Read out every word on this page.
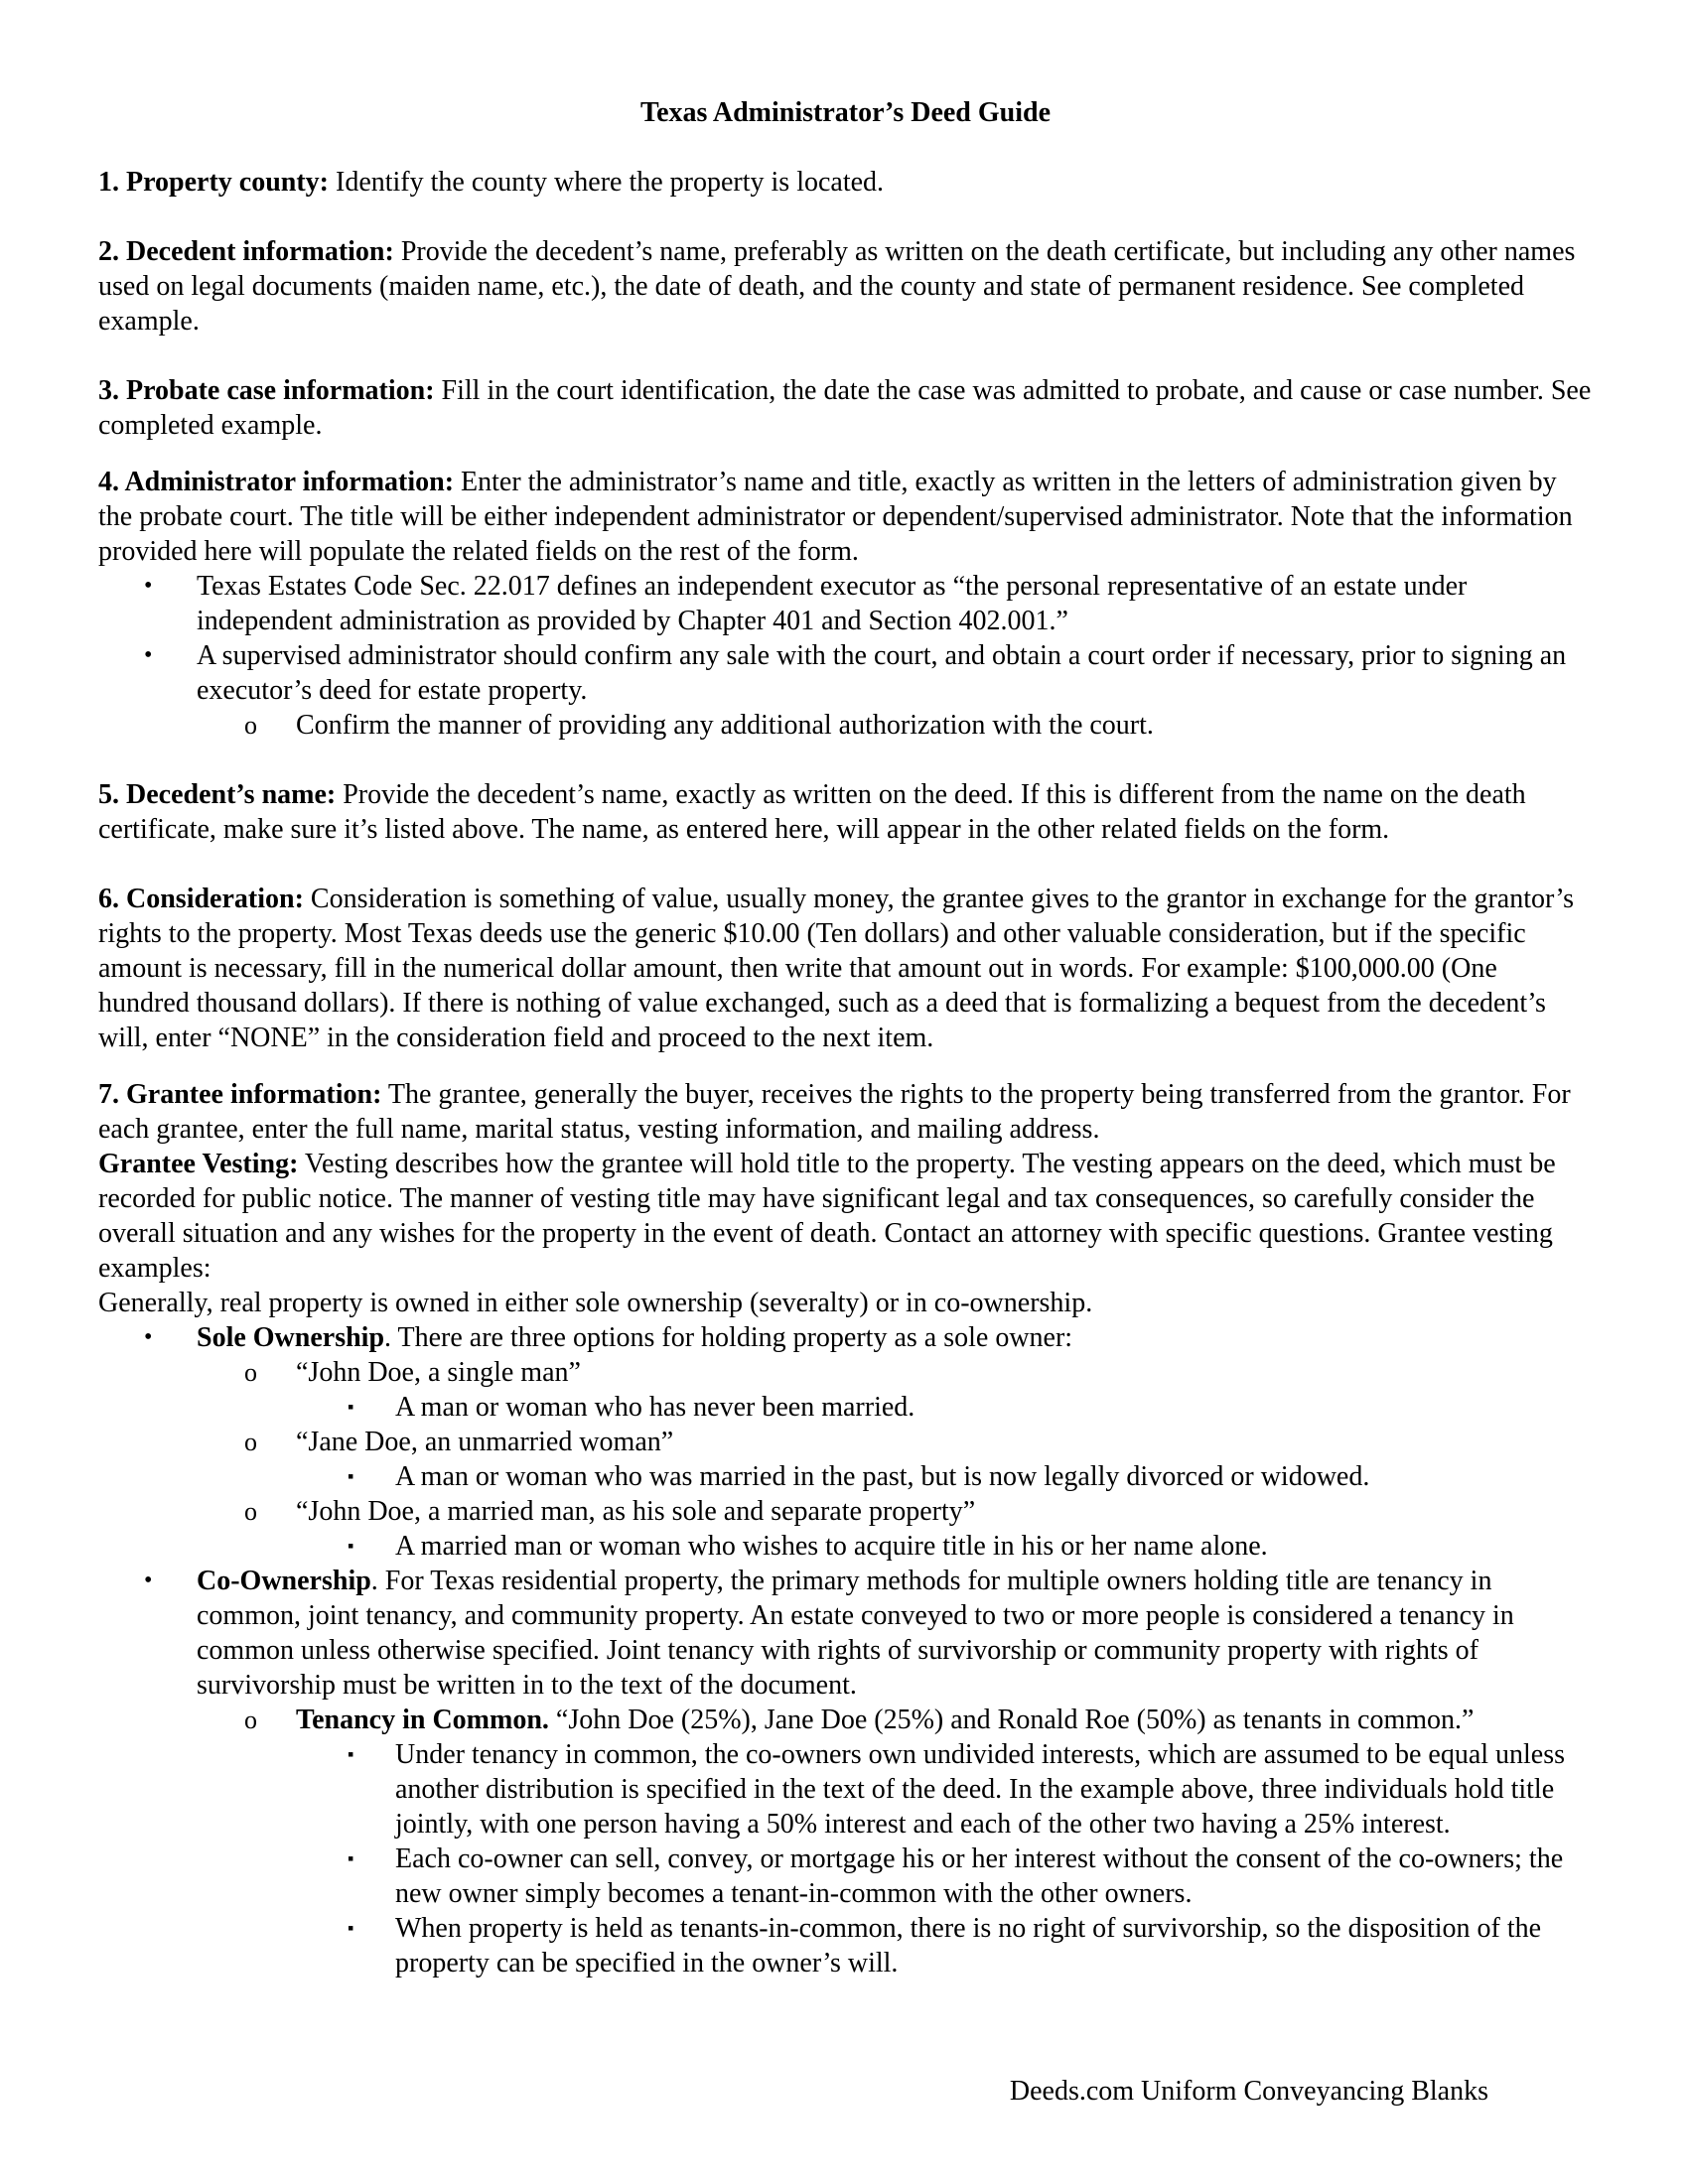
Texas Administrator’s Deed Guide

1. Property county: Identify the county where the property is located.

2. Decedent information: Provide the decedent’s name, preferably as written on the death certificate, but including any other names used on legal documents (maiden name, etc.), the date of death, and the county and state of permanent residence. See completed example.

3. Probate case information: Fill in the court identification, the date the case was admitted to probate, and cause or case number. See completed example.

4. Administrator information: Enter the administrator’s name and title, exactly as written in the letters of administration given by the probate court. The title will be either independent administrator or dependent/supervised administrator. Note that the information provided here will populate the related fields on the rest of the form.

• Texas Estates Code Sec. 22.017 defines an independent executor as “the personal representative of an estate under independent administration as provided by Chapter 401 and Section 402.001.”
• A supervised administrator should confirm any sale with the court, and obtain a court order if necessary, prior to signing an executor’s deed for estate property.
o Confirm the manner of providing any additional authorization with the court.

5. Decedent’s name: Provide the decedent’s name, exactly as written on the deed. If this is different from the name on the death certificate, make sure it’s listed above. The name, as entered here, will appear in the other related fields on the form.

6. Consideration: Consideration is something of value, usually money, the grantee gives to the grantor in exchange for the grantor’s rights to the property. Most Texas deeds use the generic $10.00 (Ten dollars) and other valuable consideration, but if the specific amount is necessary, fill in the numerical dollar amount, then write that amount out in words. For example: $100,000.00 (One hundred thousand dollars). If there is nothing of value exchanged, such as a deed that is formalizing a bequest from the decedent’s will, enter “NONE” in the consideration field and proceed to the next item.

7. Grantee information: The grantee, generally the buyer, receives the rights to the property being transferred from the grantor. For each grantee, enter the full name, marital status, vesting information, and mailing address.

Grantee Vesting: Vesting describes how the grantee will hold title to the property. The vesting appears on the deed, which must be recorded for public notice. The manner of vesting title may have significant legal and tax consequences, so carefully consider the overall situation and any wishes for the property in the event of death. Contact an attorney with specific questions. Grantee vesting examples:

Generally, real property is owned in either sole ownership (severalty) or in co-ownership.

• Sole Ownership. There are three options for holding property as a sole owner:
o “John Doe, a single man”
▪ A man or woman who has never been married.
o “Jane Doe, an unmarried woman”
▪ A man or woman who was married in the past, but is now legally divorced or widowed.
o “John Doe, a married man, as his sole and separate property”
▪ A married man or woman who wishes to acquire title in his or her name alone.
• Co-Ownership. For Texas residential property, the primary methods for multiple owners holding title are tenancy in common, joint tenancy, and community property. An estate conveyed to two or more people is considered a tenancy in common unless otherwise specified. Joint tenancy with rights of survivorship or community property with rights of survivorship must be written in to the text of the document.
o Tenancy in Common. “John Doe (25%), Jane Doe (25%) and Ronald Roe (50%) as tenants in common.”
▪ Under tenancy in common, the co-owners own undivided interests, which are assumed to be equal unless another distribution is specified in the text of the deed. In the example above, three individuals hold title jointly, with one person having a 50% interest and each of the other two having a 25% interest.
▪ Each co-owner can sell, convey, or mortgage his or her interest without the consent of the co-owners; the new owner simply becomes a tenant-in-common with the other owners.
▪ When property is held as tenants-in-common, there is no right of survivorship, so the disposition of the property can be specified in the owner’s will.
Deeds.com Uniform Conveyancing Blanks
